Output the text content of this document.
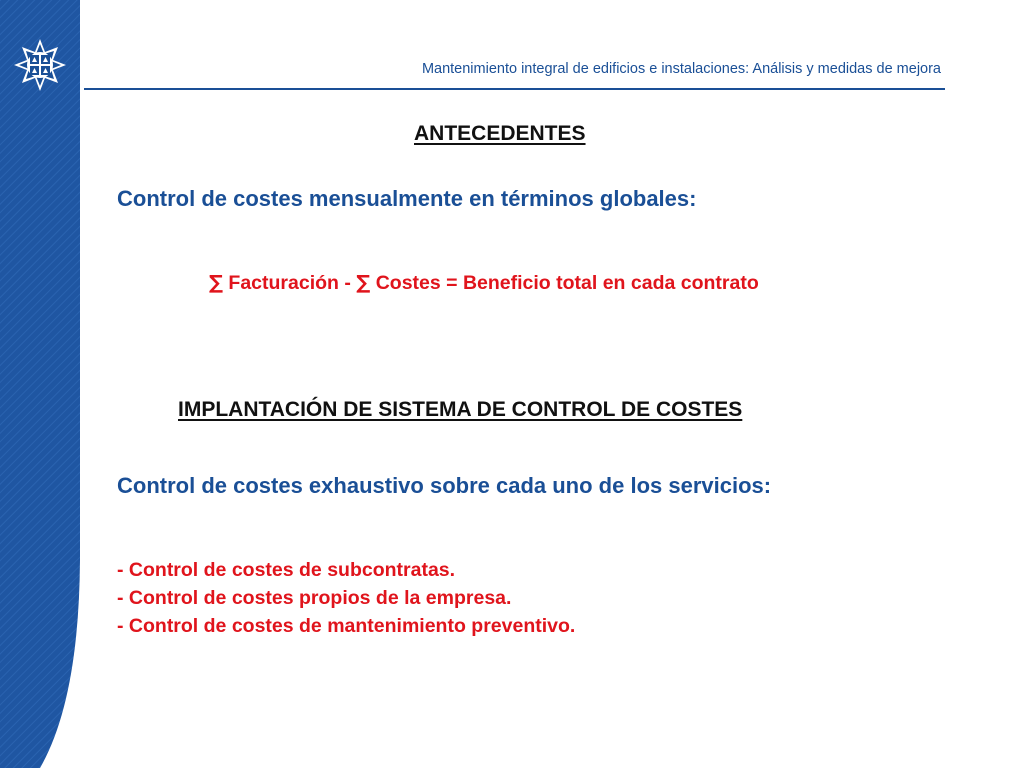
Mantenimiento integral de edificios e instalaciones: Análisis y medidas de mejora
ANTECEDENTES
Control de costes mensualmente en términos globales:
∑ Facturación - ∑ Costes = Beneficio total en cada contrato
IMPLANTACIÓN DE SISTEMA DE CONTROL DE COSTES
Control de costes exhaustivo sobre cada uno de los servicios:
- Control de costes de subcontratas.
- Control de costes propios de la empresa.
- Control de costes de mantenimiento preventivo.
